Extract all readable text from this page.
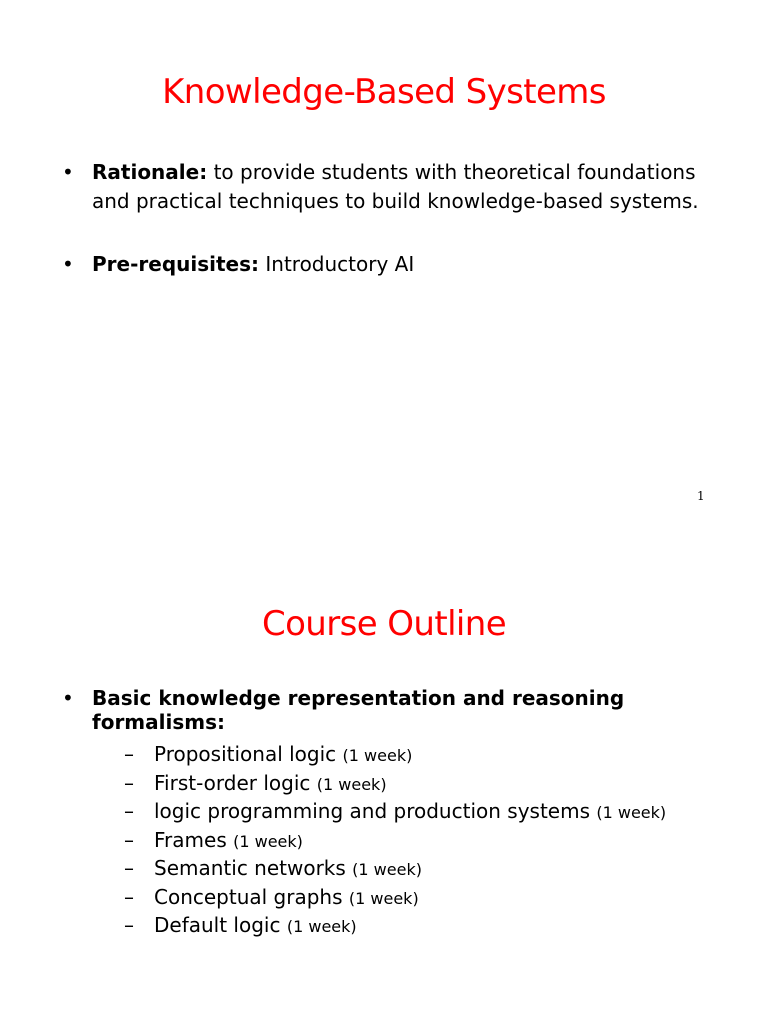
Knowledge-Based Systems
• Rationale: to provide students with theoretical foundations
and practical techniques to build knowledge-based systems.
• Pre-requisites: Introductory AI
1
Course Outline
• Basic knowledge representation and reasoning
formalisms:
– Propositional logic (1 week)
– First-order logic (1 week)
– logic programming and production systems (1 week)
– Frames (1 week)
– Semantic networks (1 week)
– Conceptual graphs (1 week)
– Default logic (1 week)
